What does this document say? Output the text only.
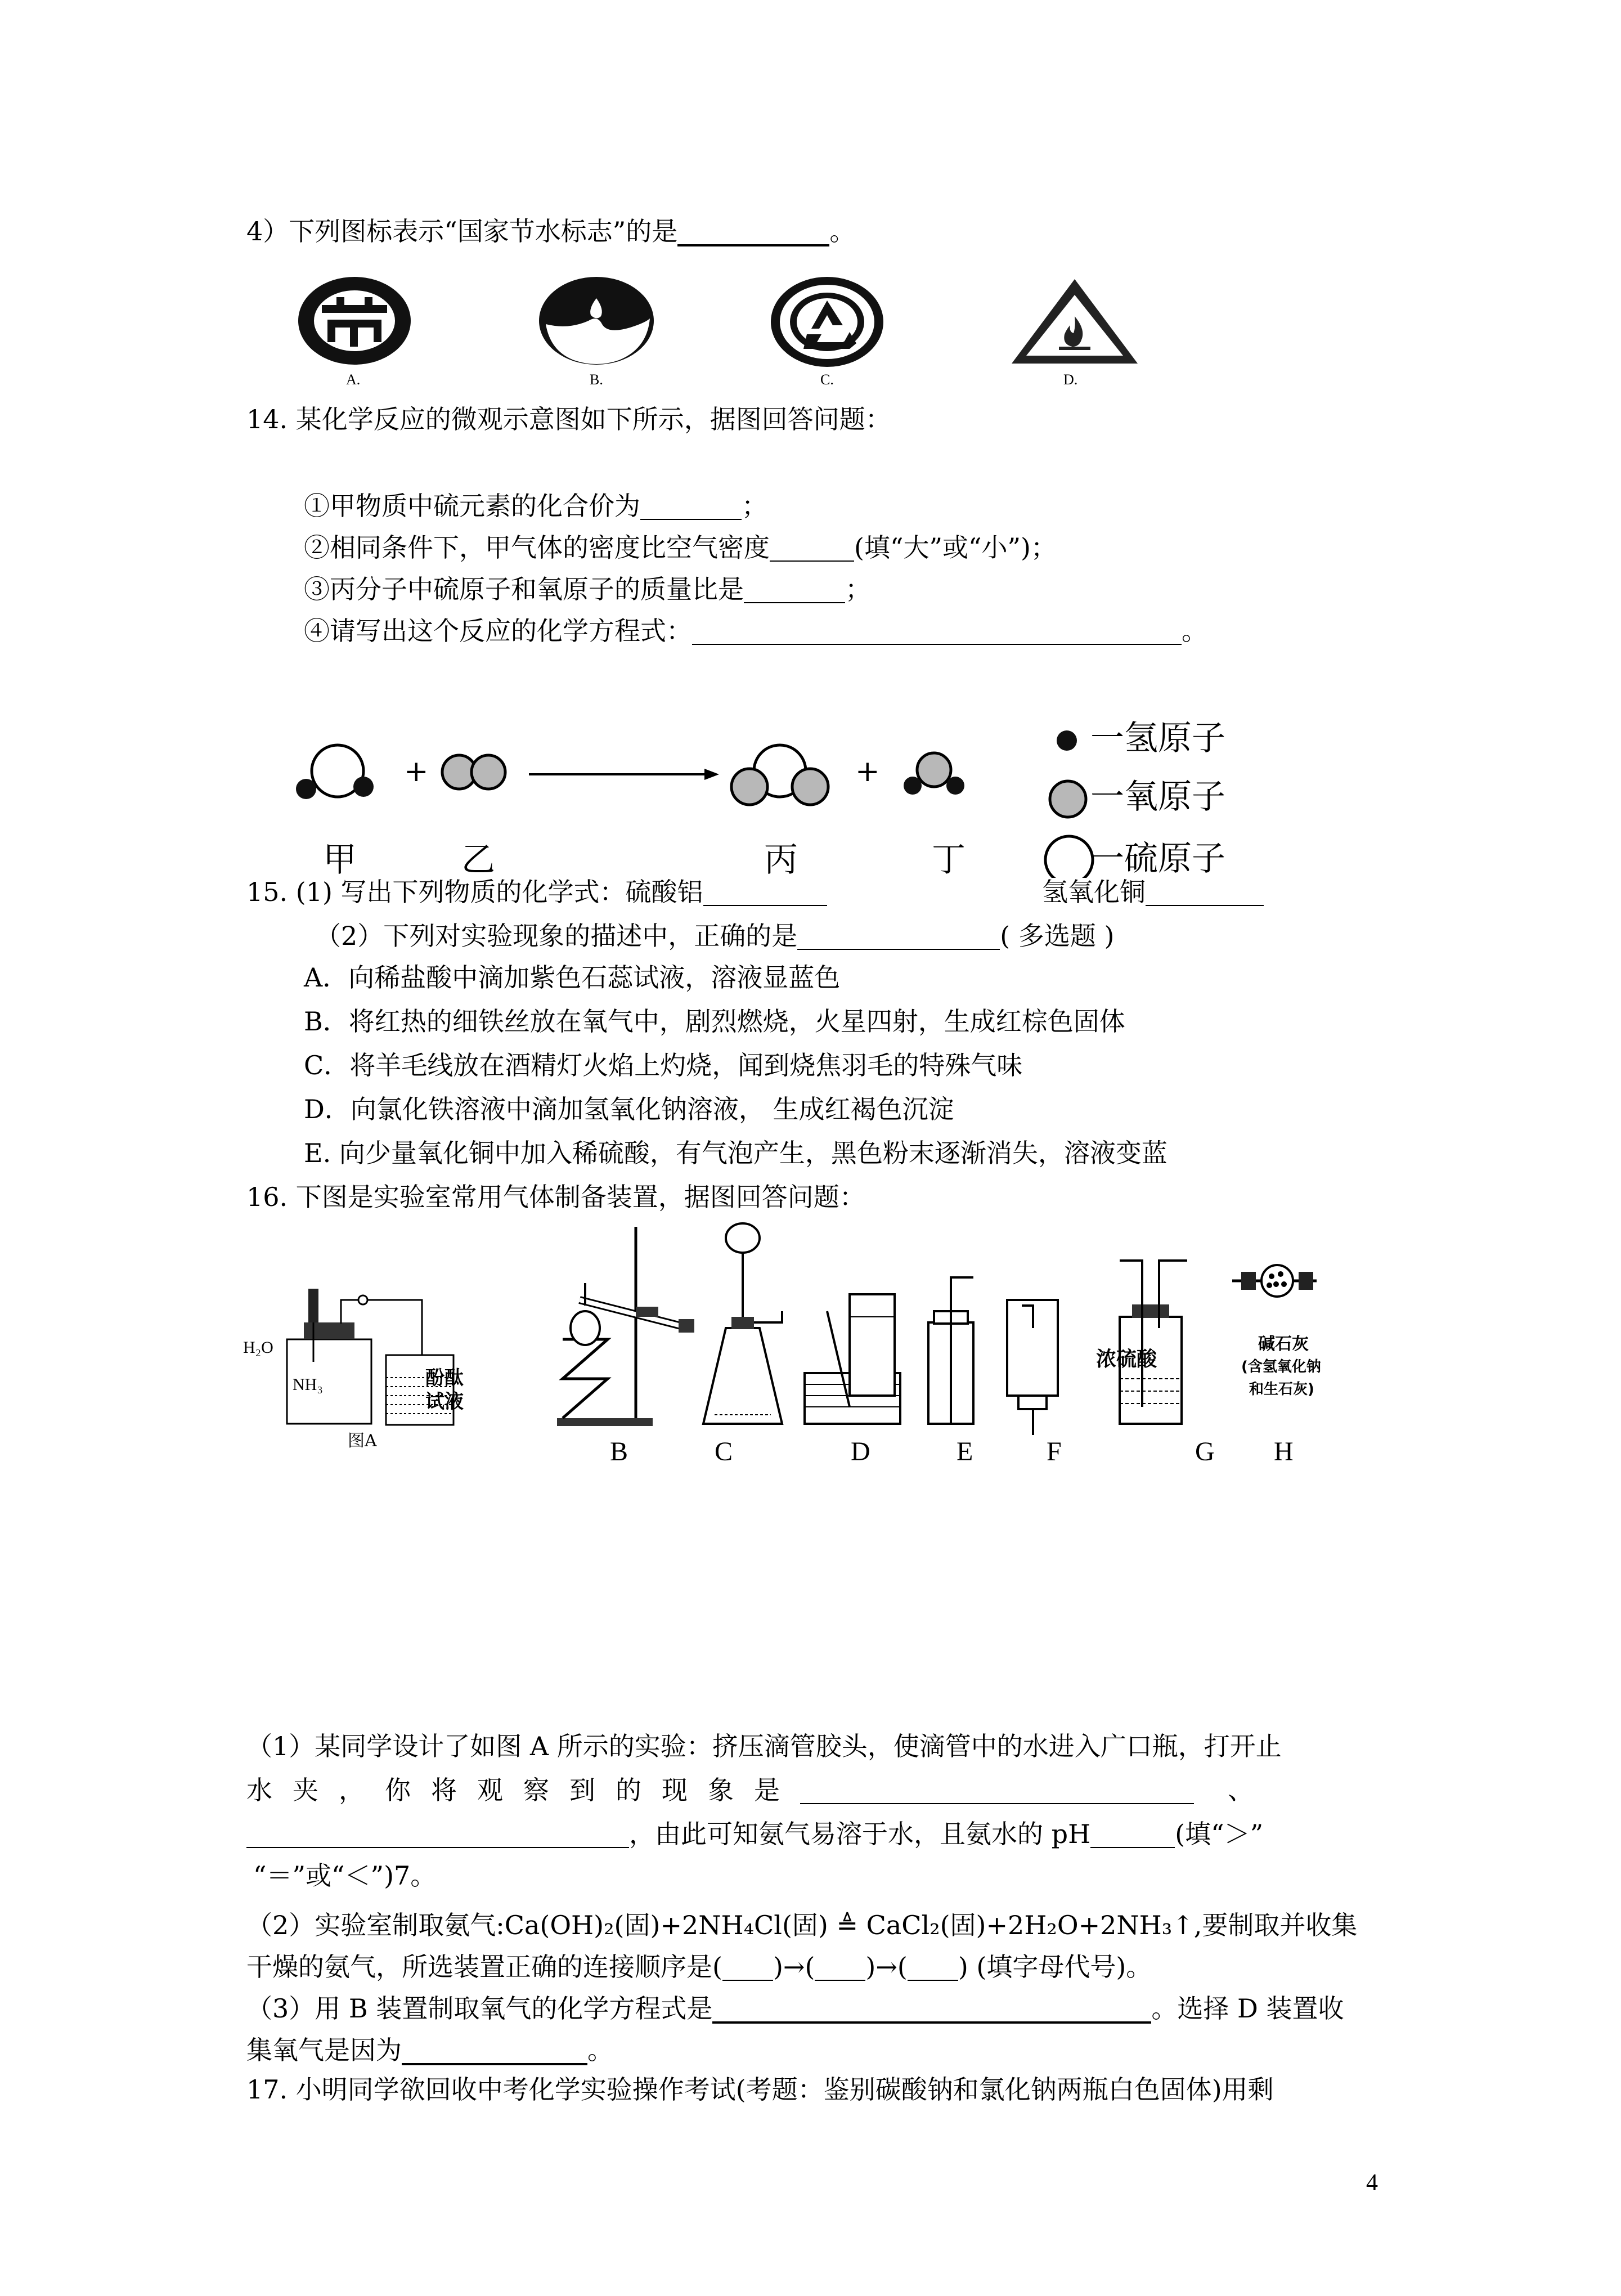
4）下列图标表示“国家节水标志”的是	。
A.	B.	C.	D.
14. 某化学反应的微观示意图如下所示，据图回答问题：
①甲物质中硫元素的化合价为	；
②相同条件下，甲气体的密度比空气密度	(填“大”或“小”)；
③丙分子中硫原子和氧原子的质量比是	；
④请写出这个反应的化学方程式：	。
+	+
甲	乙	丙	丁
一氢原子
一氧原子
一硫原子
15. (1) 写出下列物质的化学式：硫酸铝	氢氧化铜
（2）下列对实验现象的描述中，正确的是	( 多选题 )
A．向稀盐酸中滴加紫色石蕊试液，溶液显蓝色
B．将红热的细铁丝放在氧气中，剧烈燃烧，火星四射，生成红棕色固体
C．将羊毛线放在酒精灯火焰上灼烧，闻到烧焦羽毛的特殊气味
D．向氯化铁溶液中滴加氢氧化钠溶液， 生成红褐色沉淀
E. 向少量氧化铜中加入稀硫酸，有气泡产生，黑色粉末逐渐消失，溶液变蓝
16. 下图是实验室常用气体制备装置，据图回答问题：
H₂O
NH₃	酚酞
试液
图A
浓硫酸
碱石灰
(含氢氧化钠
和生石灰)
B	C	D	E	F	G H
（1）某同学设计了如图 A 所示的实验：挤压滴管胶头，使滴管中的水进入广口瓶，打开止
水夹，你将观察到的现象是	、
，由此可知氨气易溶于水，且氨水的 pH	(填“＞”
“＝”或“＜”)7。
（2）实验室制取氨气:Ca(OH)₂(固)+2NH₄Cl(固) ≜ CaCl₂(固)+2H₂O+2NH₃↑,要制取并收集
干燥的氨气，所选装置正确的连接顺序是( )→( )→( ) (填字母代号)。
（3）用 B 装置制取氧气的化学方程式是	。选择 D 装置收
集氧气是因为	。
17. 小明同学欲回收中考化学实验操作考试(考题：鉴别碳酸钠和氯化钠两瓶白色固体)用剩
4
